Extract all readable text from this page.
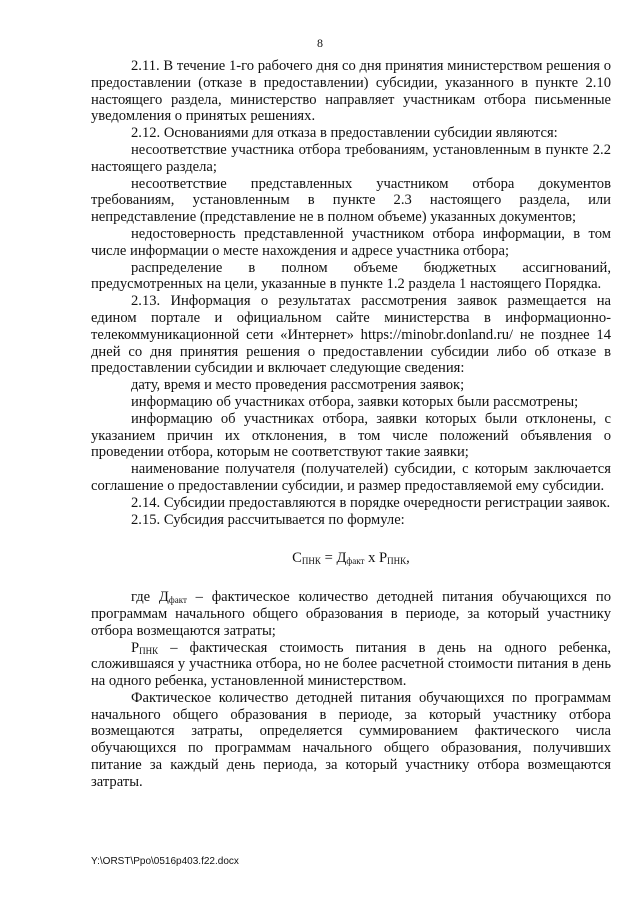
8

2.11. В течение 1-го рабочего дня со дня принятия министерством решения о предоставлении (отказе в предоставлении) субсидии, указанного в пункте 2.10 настоящего раздела, министерство направляет участникам отбора письменные уведомления о принятых решениях.

2.12. Основаниями для отказа в предоставлении субсидии являются:

несоответствие участника отбора требованиям, установленным в пункте 2.2 настоящего раздела;

несоответствие представленных участником отбора документов требованиям, установленным в пункте 2.3 настоящего раздела, или непредставление (представление не в полном объеме) указанных документов;

недостоверность представленной участником отбора информации, в том числе информации о месте нахождения и адресе участника отбора;

распределение в полном объеме бюджетных ассигнований, предусмотренных на цели, указанные в пункте 1.2 раздела 1 настоящего Порядка.

2.13. Информация о результатах рассмотрения заявок размещается на едином портале и официальном сайте министерства в информационно-телекоммуникационной сети «Интернет» https://minobr.donland.ru/ не позднее 14 дней со дня принятия решения о предоставлении субсидии либо об отказе в предоставлении субсидии и включает следующие сведения:

дату, время и место проведения рассмотрения заявок;

информацию об участниках отбора, заявки которых были рассмотрены;

информацию об участниках отбора, заявки которых были отклонены, с указанием причин их отклонения, в том числе положений объявления о проведении отбора, которым не соответствуют такие заявки;

наименование получателя (получателей) субсидии, с которым заключается соглашение о предоставлении субсидии, и размер предоставляемой ему субсидии.

2.14. Субсидии предоставляются в порядке очередности регистрации заявок.

2.15. Субсидия рассчитывается по формуле:

$С_{ПНК} = Д_{факт}$ х $Р_{ПНК}$,

где $Д_{факт}$ – фактическое количество детодней питания обучающихся по программам начального общего образования в периоде, за который участнику отбора возмещаются затраты;

$Р_{ПНК}$ – фактическая стоимость питания в день на одного ребенка, сложившаяся у участника отбора, но не более расчетной стоимости питания в день на одного ребенка, установленной министерством.

Фактическое количество детодней питания обучающихся по программам начального общего образования в периоде, за который участнику отбора возмещаются затраты, определяется суммированием фактического числа обучающихся по программам начального общего образования, получивших питание за каждый день периода, за который участнику отбора возмещаются затраты.

Y:\ORST\Ppo\0516p403.f22.docx
